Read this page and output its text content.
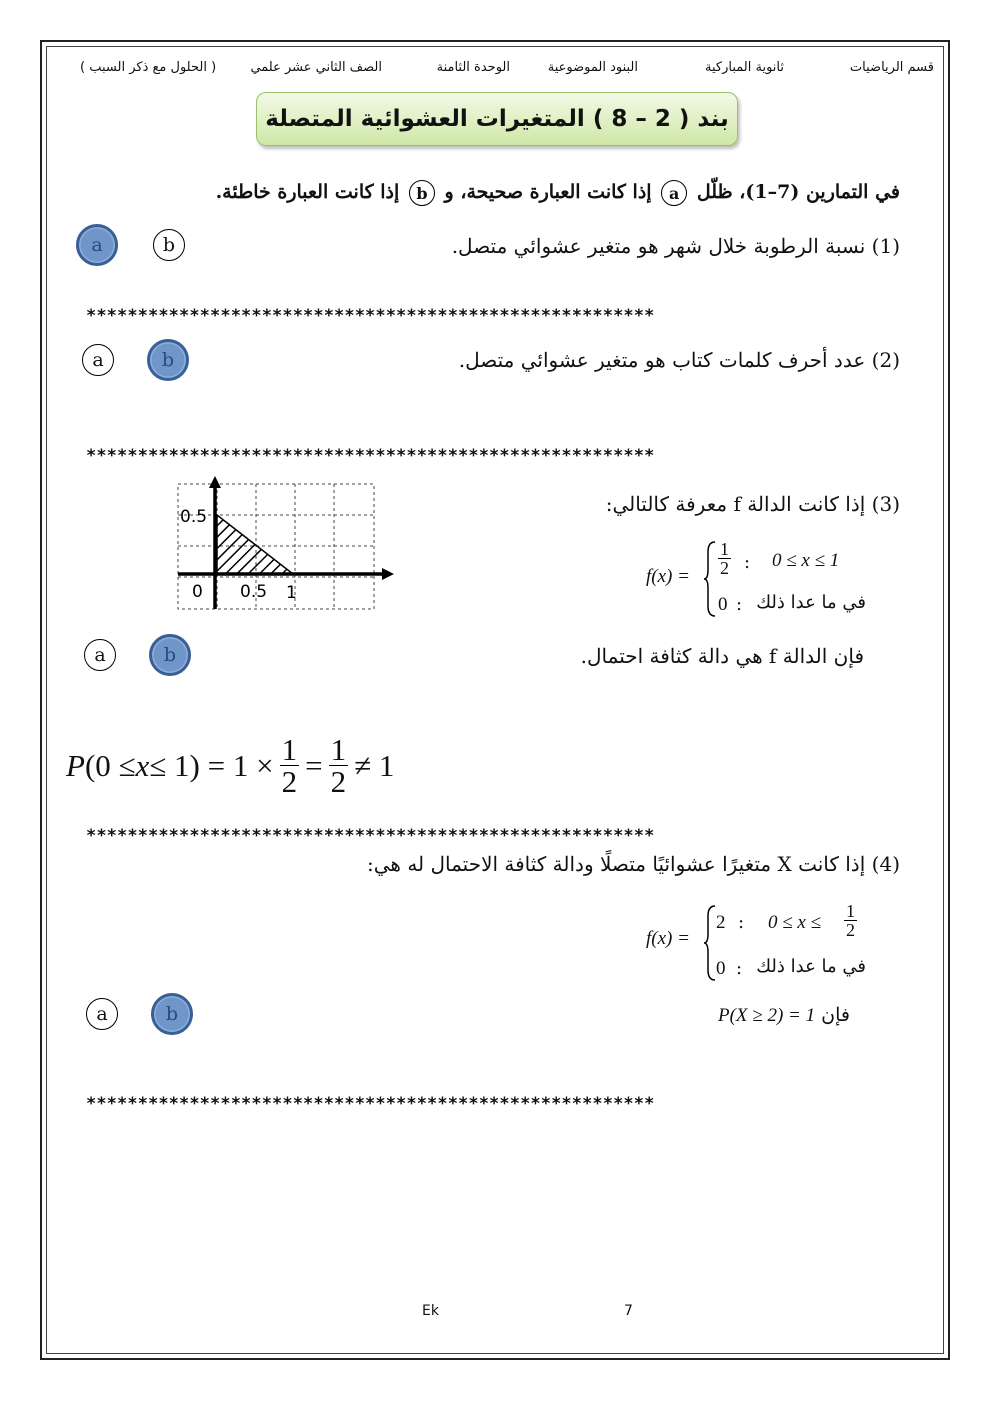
قسم الرياضيات
ثانوية المباركية
البنود الموضوعية
الوحدة الثامنة
الصف الثاني عشر علمي
( الحلول مع ذكر السبب )
بند ( 2 – 8 ) المتغيرات العشوائية المتصلة
في التمارين (7–1)، ظلّل a إذا كانت العبارة صحيحة، و b إذا كانت العبارة خاطئة.
(1) نسبة الرطوبة خلال شهر هو متغير عشوائي متصل.
a	b
*******************************************************
(2) عدد أحرف كلمات كتاب هو متغير عشوائي متصل.
a	b
*******************************************************
0.5
0 0.5 1
(3) إذا كانت الدالة f معرفة كالتالي:
$f(x) = \frac{1}{2}$ : 0 ≤ x ≤ 1
0 : في ما عدا ذلك
فإن الدالة f هي دالة كثافة احتمال.
a	b
P $(0 \le x \le 1) = 1 \times \frac{1}{2} = \frac{1}{2} \ne 1$
*******************************************************
(4) إذا كانت X متغيرًا عشوائيًا متصلًا ودالة كثافة الاحتمال له هي:
f(x) =
2 : $0 \le x \le \frac{1}{2}$
0 : في ما عدا ذلك
P(X ≥ 2) = 1 فإن
a	b
*******************************************************
Ek	7
